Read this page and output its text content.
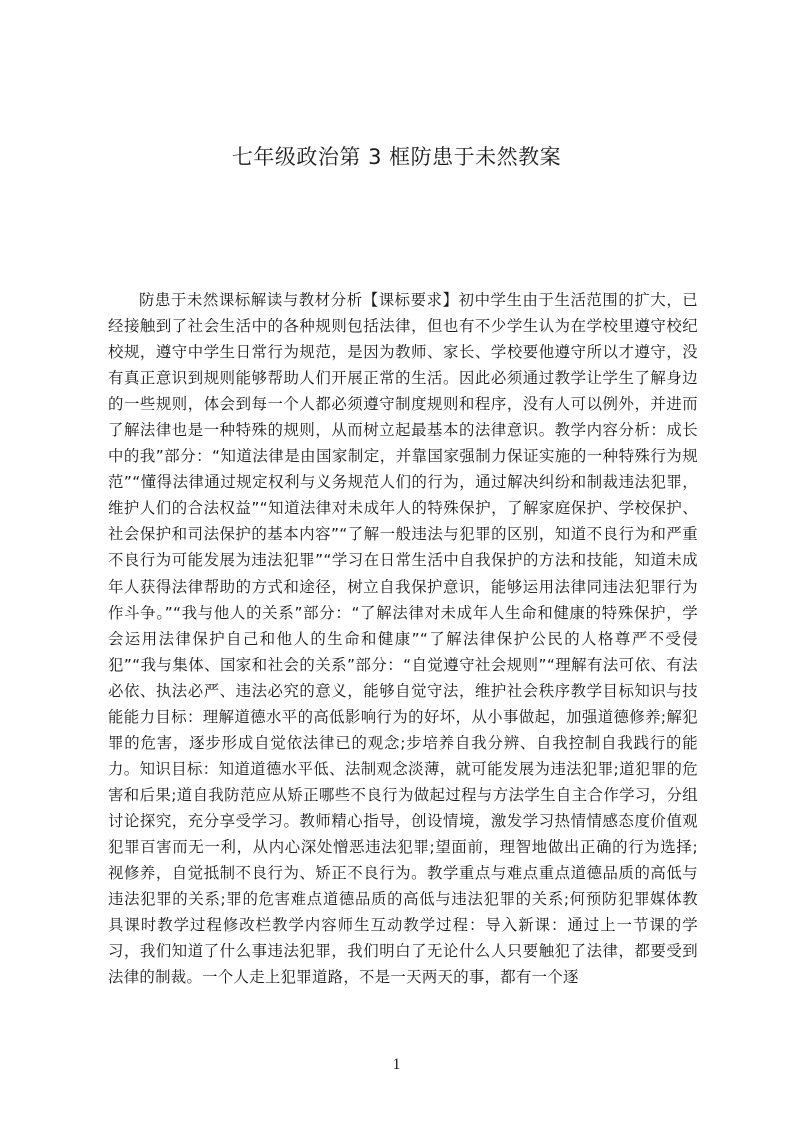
七年级政治第 3 框防患于未然教案

防患于未然课标解读与教材分析【课标要求】初中学生由于生活范围的扩大，已经接触到了社会生活中的各种规则包括法律，但也有不少学生认为在学校里遵守校纪校规，遵守中学生日常行为规范，是因为教师、家长、学校要他遵守所以才遵守，没有真正意识到规则能够帮助人们开展正常的生活。因此必须通过教学让学生了解身边的一些规则，体会到每一个人都必须遵守制度规则和程序，没有人可以例外，并进而了解法律也是一种特殊的规则，从而树立起最基本的法律意识。教学内容分析：成长中的我”部分：“知道法律是由国家制定，并靠国家强制力保证实施的一种特殊行为规范”“懂得法律通过规定权利与义务规范人们的行为，通过解决纠纷和制裁违法犯罪，维护人们的合法权益”“知道法律对未成年人的特殊保护，了解家庭保护、学校保护、社会保护和司法保护的基本内容”“了解一般违法与犯罪的区别，知道不良行为和严重不良行为可能发展为违法犯罪”“学习在日常生活中自我保护的方法和技能，知道未成年人获得法律帮助的方式和途径，树立自我保护意识，能够运用法律同违法犯罪行为作斗争。”“我与他人的关系”部分：“了解法律对未成年人生命和健康的特殊保护，学会运用法律保护自己和他人的生命和健康”“了解法律保护公民的人格尊严不受侵犯”“我与集体、国家和社会的关系”部分：“自觉遵守社会规则”“理解有法可依、有法必依、执法必严、违法必究的意义，能够自觉守法，维护社会秩序教学目标知识与技能能力目标：理解道德水平的高低影响行为的好坏，从小事做起，加强道德修养;解犯罪的危害，逐步形成自觉依法律已的观念;步培养自我分辨、自我控制自我践行的能力。知识目标：知道道德水平低、法制观念淡薄，就可能发展为违法犯罪;道犯罪的危害和后果;道自我防范应从矫正哪些不良行为做起过程与方法学生自主合作学习，分组讨论探究，充分享受学习。教师精心指导，创设情境，激发学习热情情感态度价值观犯罪百害而无一利，从内心深处憎恶违法犯罪;望面前，理智地做出正确的行为选择;视修养，自觉抵制不良行为、矫正不良行为。教学重点与难点重点道德品质的高低与违法犯罪的关系;罪的危害难点道德品质的高低与违法犯罪的关系;何预防犯罪媒体教具课时教学过程修改栏教学内容师生互动教学过程：导入新课：通过上一节课的学习，我们知道了什么事违法犯罪，我们明白了无论什么人只要触犯了法律，都要受到法律的制裁。一个人走上犯罪道路，不是一天两天的事，都有一个逐

1
